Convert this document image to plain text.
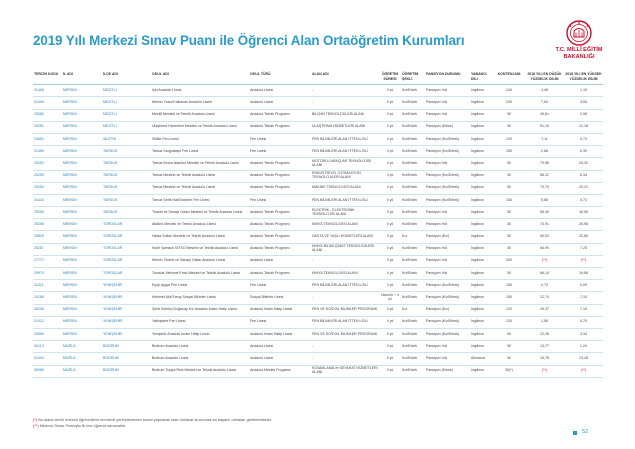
2019 Yılı Merkezi Sınav Puanı ile Öğrenci Alan Ortaöğretim Kurumları
T.C. MİLLÎ EĞİTİM
BAKANLIĞI
TERCİH KODU	İL ADI	İLÇE ADI	OKUL ADI	OKUL TÜRÜ	ALAN ADI	ÖĞRETİM SÜRESİ	ÖĞRETİM ŞEKLİ	PANSİYON DURUMU	YABANCI DİLİ	KONTENJANI	2018 YILI EN DÜŞÜK YÜZDELİK DİLİM	2018 YILI EN YÜKSEK YÜZDELİK DİLİM
31408	MERSİN	MEZİTLİ	İçel Anadolu Lisesi	Anadolu Lisesi	-	4 yıl	Kız/Erkek	Pansiyon Yok	İngilizce	240	4,48	1,16
31409	MERSİN	MEZİTLİ	Mersin Yusuf Kalkavan Anadolu Lisesi	Anadolu Lisesi	-	4 yıl	Kız/Erkek	Pansiyon Yok	İngilizce	240	7,63	3,08
25250	MERSİN	MEZİTLİ	Mezitli Mesleki ve Teknik Anadolu Lisesi	Anadolu Teknik Programı	BİLİŞİM TEKNOLOJİLERİ ALANI	4 yıl	Kız/Erkek	Pansiyon Yok	İngilizce	30	45,61	2,98
25251	MERSİN	MEZİTLİ	Ulaştırma Hizmetleri Mesleki ve Teknik Anadolu Lisesi	Anadolu Teknik Programı	ULAŞTIRMA HİZMETLERİ ALANI	4 yıl	Kız/Erkek	Pansiyon (Erkek)	İngilizce	30	51,15	12,18
24652	MERSİN	SİLİFKE	Silifke Fen Lisesi	Fen Lisesi	FEN BİLİMLERİ ALAN İTTEN LİSLİ	4 yıl	Kız/Erkek	Pansiyon (Kız/Erkek)	İngilizce	120	7,11	0,73
31450	MERSİN	TARSUS	Tarsus Sargılalaye Fen Lisesi	Fen Lisesi	FEN BİLİMLERİ ALAN İTTEN LİSLİ	4 yıl	Kız/Erkek	Pansiyon (Kız/Erkek)	İngilizce	150	2,66	0,39
25252	MERSİN	TARSUS	Tarsus Borsa İstanbul Mesleki ve Teknik Anadolu Lisesi	Anadolu Teknik Programı	MOTORLU ARAÇLAR TEKNOLOJİSİ ALANI	4 yıl	Kız/Erkek	Pansiyon Yok	İngilizce	30	79,96	26,32
25253	MERSİN	TARSUS	Tarsus Mesleki ve Teknik Anadolu Lisesi	Anadolu Teknik Programı	ENDÜSTRİYEL OTOMASYON TEKNOLOJİLERİ ALANI	4 yıl	Kız/Erkek	Pansiyon (Kız/Erkek)	İngilizce	30	58,22	8,34
25254	MERSİN	TARSUS	Tarsus Mesleki ve Teknik Anadolu Lisesi	Anadolu Teknik Programı	MAKİNE TEKNOLOJİSİ ALANI	4 yıl	Kız/Erkek	Pansiyon (Kız/Erkek)	İngilizce	30	73,74	20,21
31410	MERSİN	TARSUS	Tarsus Şehit Halil İbdemir Fen Lisesi	Fen Lisesi	FEN BİLİMLERİ ALAN İTTEN LİSLİ	4 yıl	Kız/Erkek	Pansiyon (Kız/Erkek)	İngilizce	150	5,65	0,72
25255	MERSİN	TARSUS	Ticaret ve Sanayi Odası Mesleki ve Teknik Anadolu Lisesi	Anadolu Teknik Programı	ELEKTRİK - ELEKTRONİK TEKNOLOJİSİ ALANI	4 yıl	Kız/Erkek	Pansiyon Yok	İngilizce	30	58,40	16,96
25256	MERSİN	TOROSLAR	Atatürk Mesleki ve Teknik Anadolu Lisesi	Anadolu Teknik Programı	KİMYA TEKNOLOJİSİ ALANI	4 yıl	Kız/Erkek	Pansiyon Yok	İngilizce	30	74,91	26,98
25825	MERSİN	TOROSLAR	Hafsa Sultan Mesleki ve Teknik Anadolu Lisesi	Anadolu Teknik Programı	HASTA VE YAŞLI HİZMETLERİ ALANI	4 yıl	Kız	Pansiyon (Kız)	İngilizce	30	50,52	20,85
25257	MERSİN	TOROSLAR	Kadri Şamsun MTSO Mesleki ve Teknik Anadolu Lisesi	Anadolu Teknik Programı	KİMYA BİLİMİ ÇİMAT TEKNOLOJİLERİ ALANI	4 yıl	Kız/Erkek	Pansiyon Yok	İngilizce	30	84,99	7,25
27777	MERSİN	TOROSLAR	Mersin Ticaret ve Sanayi Odası Anadolu Lisesi	Anadolu Lisesi	-	4 yıl	Kız/Erkek	Pansiyon Yok	İngilizce	300	(**)	(**)
25970	MERSİN	TOROSLAR	Toroslar Mehmet Emin Mesleki ve Teknik Anadolu Lisesi	Anadolu Teknik Programı	KİMYA TEKNOLOJİSİ ALANI	4 yıl	Kız/Erkek	Pansiyon Yok	İngilizce	30	66,14	19,68
31411	MERSİN	YENİŞEHİR	Eyüp Aygar Fen Lisesi	Fen Lisesi	FEN BİLİMLERİ ALAN İTTEN LİSLİ	4 yıl	Kız/Erkek	Pansiyon (Kız/Erkek)	İngilizce	150	0,73	0,09
24165	MERSİN	YENİŞEHİR	Mehmet Akif Ersoy Sosyal Bilimler Lisesi	Sosyal Bilimler Lisesi	-	Hazırlık + 4 yıl	Kız/Erkek	Pansiyon (Kız/Erkek)	İngilizce	150	12,74	7,10
28236	MERSİN	YENİŞEHİR	Şehit Külekçi Doğanay Kız Anadolu İmam Hatip Lisesi	Anadolu İmam Hatip Lisesi	FEN VE SOSYAL BİLİMLER PROGRAMI	4 yıl	Kız	Pansiyon (Kız)	İngilizce	120	26,37	7,10
31412	MERSİN	YENİŞEHİR	Yatkışkent Fen Lisesi	Fen Lisesi	FEN BİLİMLERİ ALAN İTTEN LİSLİ	4 yıl	Kız/Erkek	Pansiyon (Kız/Erkek)	İngilizce	120	1,58	0,74
25559	MERSİN	YENİŞEHİR	Yenişehir Anadolu İmam Hatip Lisesi	Anadolu İmam Hatip Lisesi	FEN VE SOSYAL BİLİMLER PROGRAMI	4 yıl	Kız/Erkek	Pansiyon (Kız/Erkek)	İngilizce	90	12,36	3,34
34113	MUĞLA	BODRUM	Bodrum Anadolu Lisesi	Anadolu Lisesi	-	4 yıl	Kız/Erkek	Pansiyon Yok	İngilizce	30	13,77	1,24
31404	MUĞLA	BODRUM	Bodrum Anadolu Lisesi	Anadolu Lisesi	-	4 yıl	Kız/Erkek	Pansiyon Yok	Almanca	30	15,78	13,28
35989	MUĞLA	BODRUM	Bodrum Turgut Reis Mesleki ve Teknik Anadolu Lisesi	Anadolu Meslek Programı	KONAKLAMA ve SEYAHAT HİZMETLERİ ALANI	4 yıl	Kız/Erkek	Pansiyon (Erkek)	İngilizce	30(*)	(**)	(**)
(*) Bu alana tercih edecek öğrencilerin mevsimli yerleştirmeden sonra yapılacak olan mülakat sınavında da başarılı olmaları gerekmektedir.
(**) Merkezi Sınav Puanıyla ilk kez öğrenci alınacaktır.
52
